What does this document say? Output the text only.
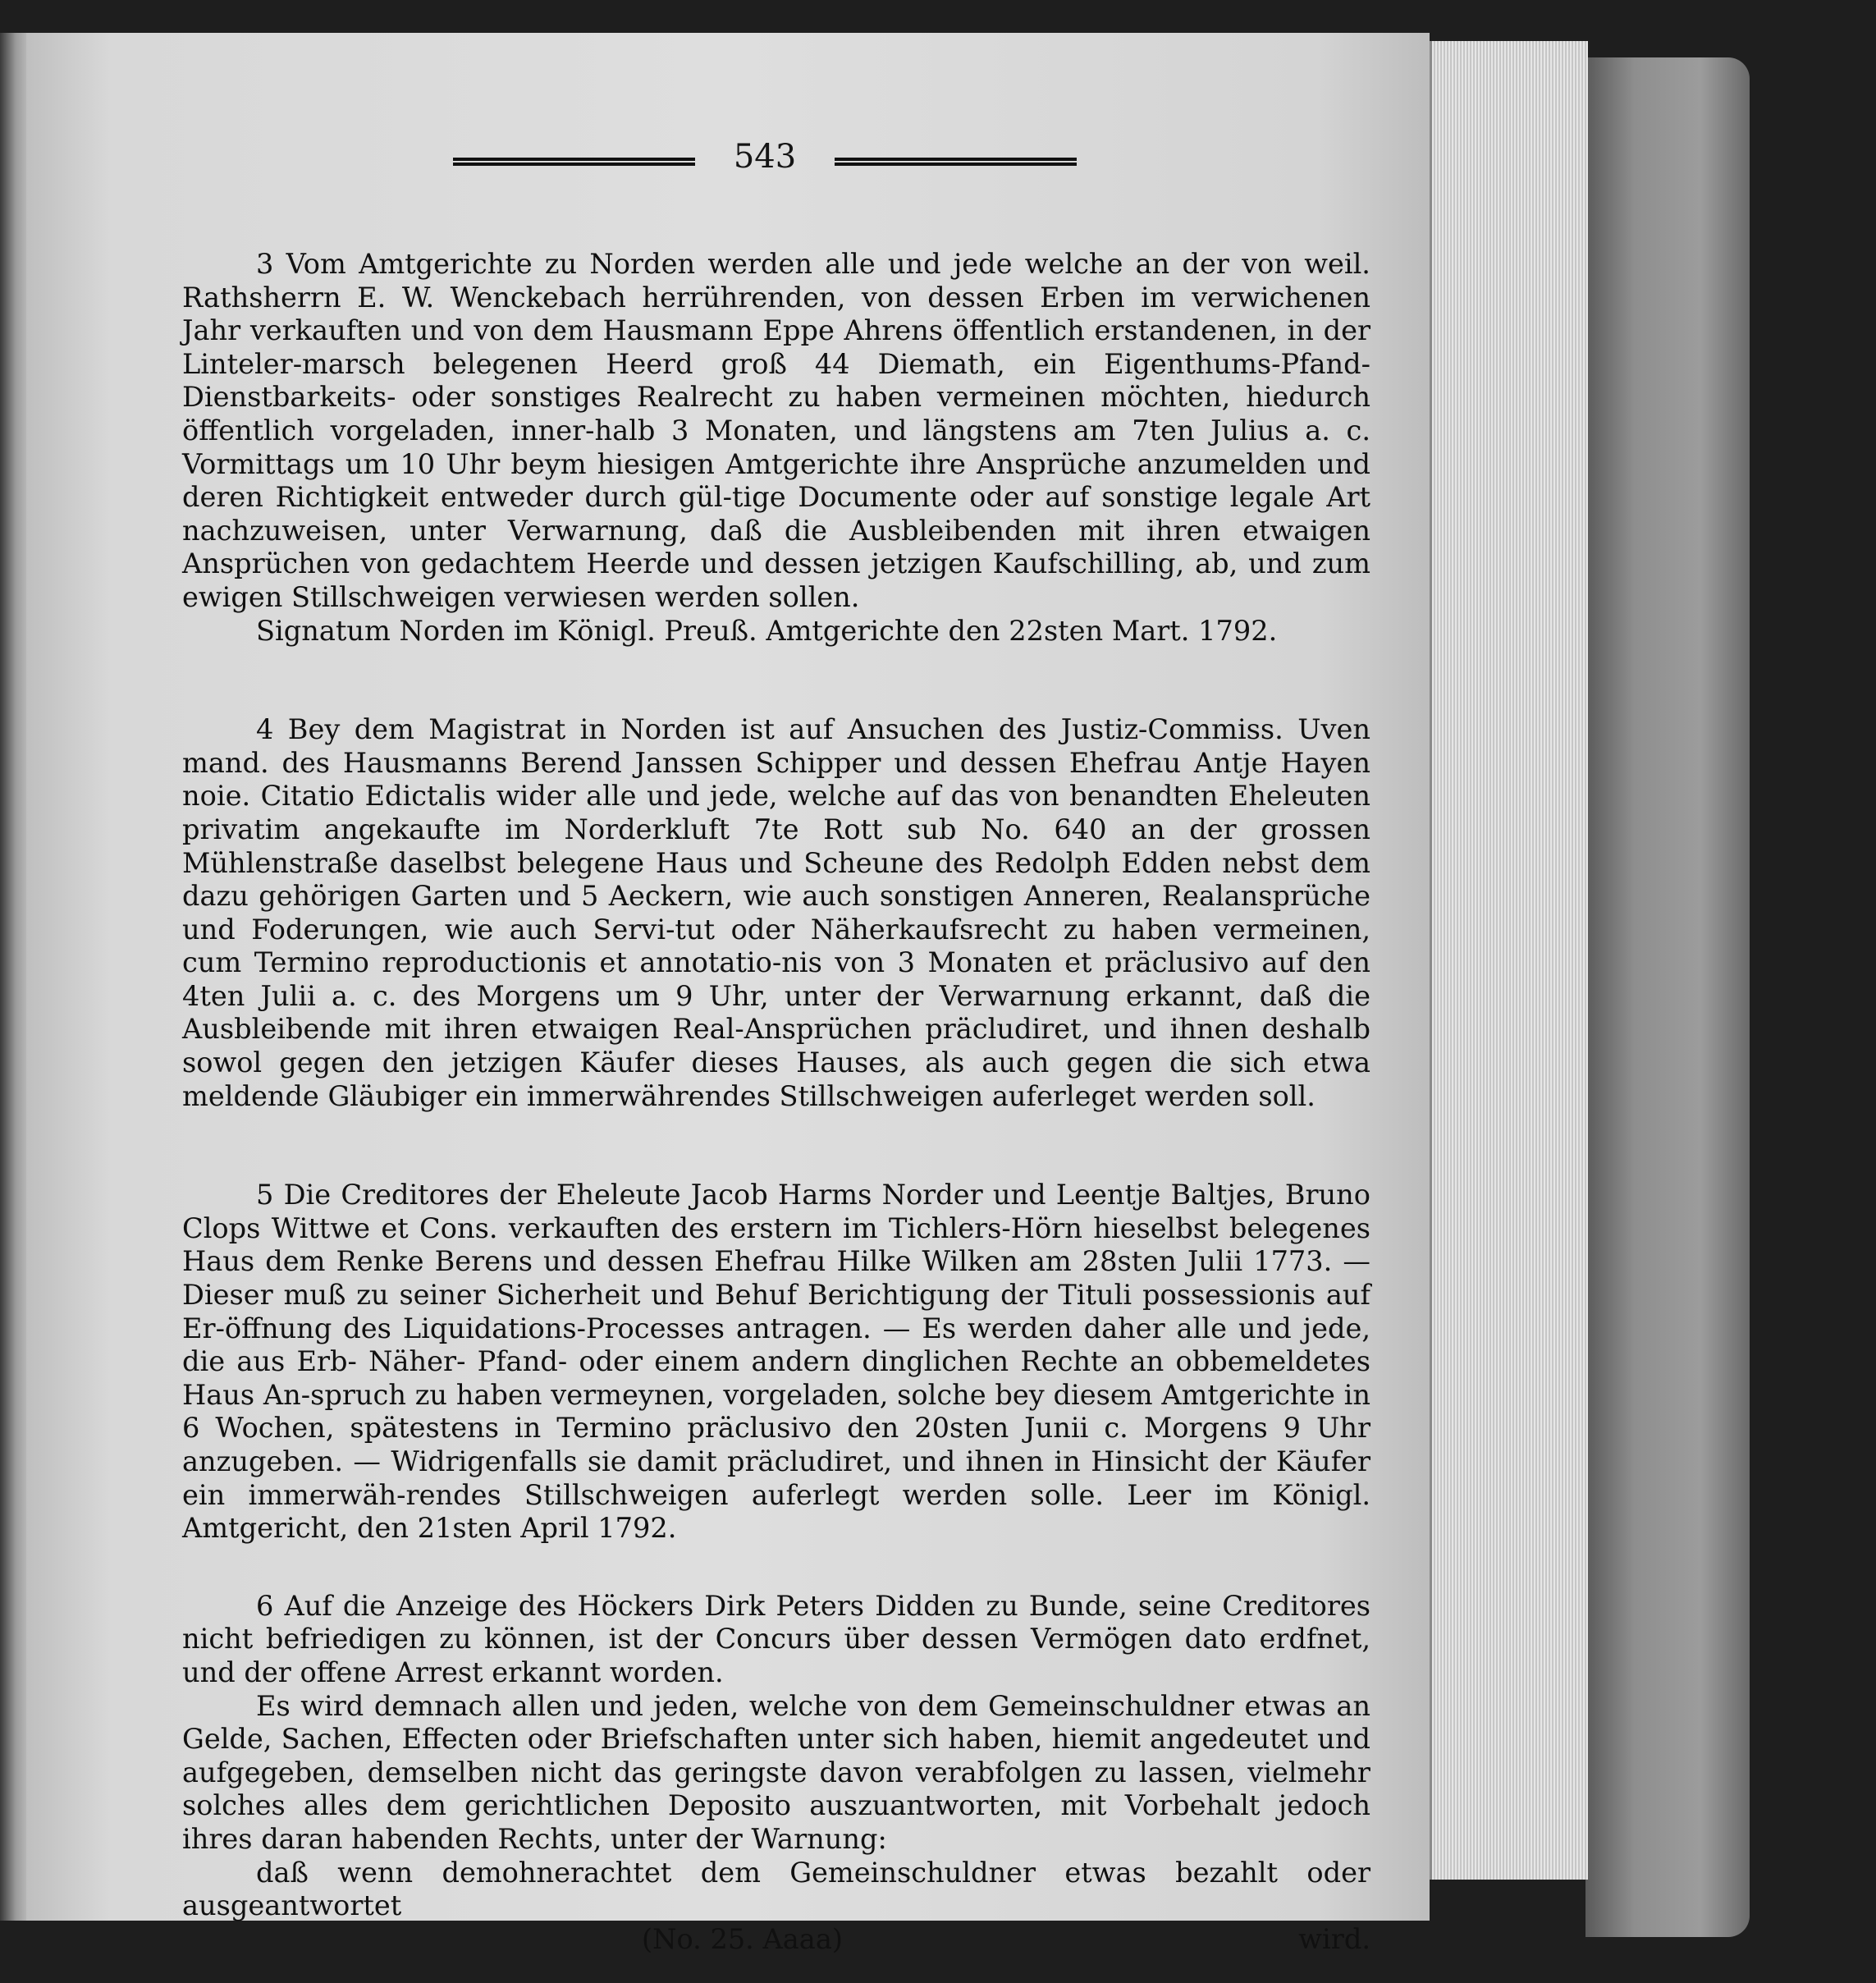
543

3 Vom Amtgerichte zu Norden werden alle und jede welche an der von weil. Rathsherrn E. W. Wenckebach herrührenden, von dessen Erben im verwichenen Jahr verkauften und von dem Hausmann Eppe Ahrens öffentlich erstandenen, in der Linteler-marsch belegenen Heerd groß 44 Diemath, ein Eigenthums-Pfand-Dienstbarkeits- oder sonstiges Realrecht zu haben vermeinen möchten, hiedurch öffentlich vorgeladen, inner-halb 3 Monaten, und längstens am 7ten Julius a. c. Vormittags um 10 Uhr beym hiesigen Amtgerichte ihre Ansprüche anzumelden und deren Richtigkeit entweder durch gül-tige Documente oder auf sonstige legale Art nachzuweisen, unter Verwarnung, daß die Ausbleibenden mit ihren etwaigen Ansprüchen von gedachtem Heerde und dessen jetzigen Kaufschilling, ab, und zum ewigen Stillschweigen verwiesen werden sollen.

Signatum Norden im Königl. Preuß. Amtgerichte den 22sten Mart. 1792.

4 Bey dem Magistrat in Norden ist auf Ansuchen des Justiz-Commiss. Uven mand. des Hausmanns Berend Janssen Schipper und dessen Ehefrau Antje Hayen noie. Citatio Edictalis wider alle und jede, welche auf das von benandten Eheleuten privatim angekaufte im Norderkluft 7te Rott sub No. 640 an der grossen Mühlenstraße daselbst belegene Haus und Scheune des Redolph Edden nebst dem dazu gehörigen Garten und 5 Aeckern, wie auch sonstigen Anneren, Realansprüche und Foderungen, wie auch Servi-tut oder Näherkaufsrecht zu haben vermeinen, cum Termino reproductionis et annotatio-nis von 3 Monaten et präclusivo auf den 4ten Julii a. c. des Morgens um 9 Uhr, unter der Verwarnung erkannt, daß die Ausbleibende mit ihren etwaigen Real-Ansprüchen präcludiret, und ihnen deshalb sowol gegen den jetzigen Käufer dieses Hauses, als auch gegen die sich etwa meldende Gläubiger ein immerwährendes Stillschweigen auferleget werden soll.

5 Die Creditores der Eheleute Jacob Harms Norder und Leentje Baltjes, Bruno Clops Wittwe et Cons. verkauften des erstern im Tichlers-Hörn hieselbst belegenes Haus dem Renke Berens und dessen Ehefrau Hilke Wilken am 28sten Julii 1773. — Dieser muß zu seiner Sicherheit und Behuf Berichtigung der Tituli possessionis auf Er-öffnung des Liquidations-Processes antragen. — Es werden daher alle und jede, die aus Erb- Näher- Pfand- oder einem andern dinglichen Rechte an obbemeldetes Haus An-spruch zu haben vermeynen, vorgeladen, solche bey diesem Amtgerichte in 6 Wochen, spätestens in Termino präclusivo den 20sten Junii c. Morgens 9 Uhr anzugeben. — Widrigenfalls sie damit präcludiret, und ihnen in Hinsicht der Käufer ein immerwäh-rendes Stillschweigen auferlegt werden solle. Leer im Königl. Amtgericht, den 21sten April 1792.

6 Auf die Anzeige des Höckers Dirk Peters Didden zu Bunde, seine Creditores nicht befriedigen zu können, ist der Concurs über dessen Vermögen dato erdfnet, und der offene Arrest erkannt worden.

Es wird demnach allen und jeden, welche von dem Gemeinschuldner etwas an Gelde, Sachen, Effecten oder Briefschaften unter sich haben, hiemit angedeutet und aufgegeben, demselben nicht das geringste davon verabfolgen zu lassen, vielmehr solches alles dem gerichtlichen Deposito auszuantworten, mit Vorbehalt jedoch ihres daran habenden Rechts, unter der Warnung:

daß wenn demohnerachtet dem Gemeinschuldner etwas bezahlt oder ausgeantwortet

(No. 25. Aaaa)	wird.
